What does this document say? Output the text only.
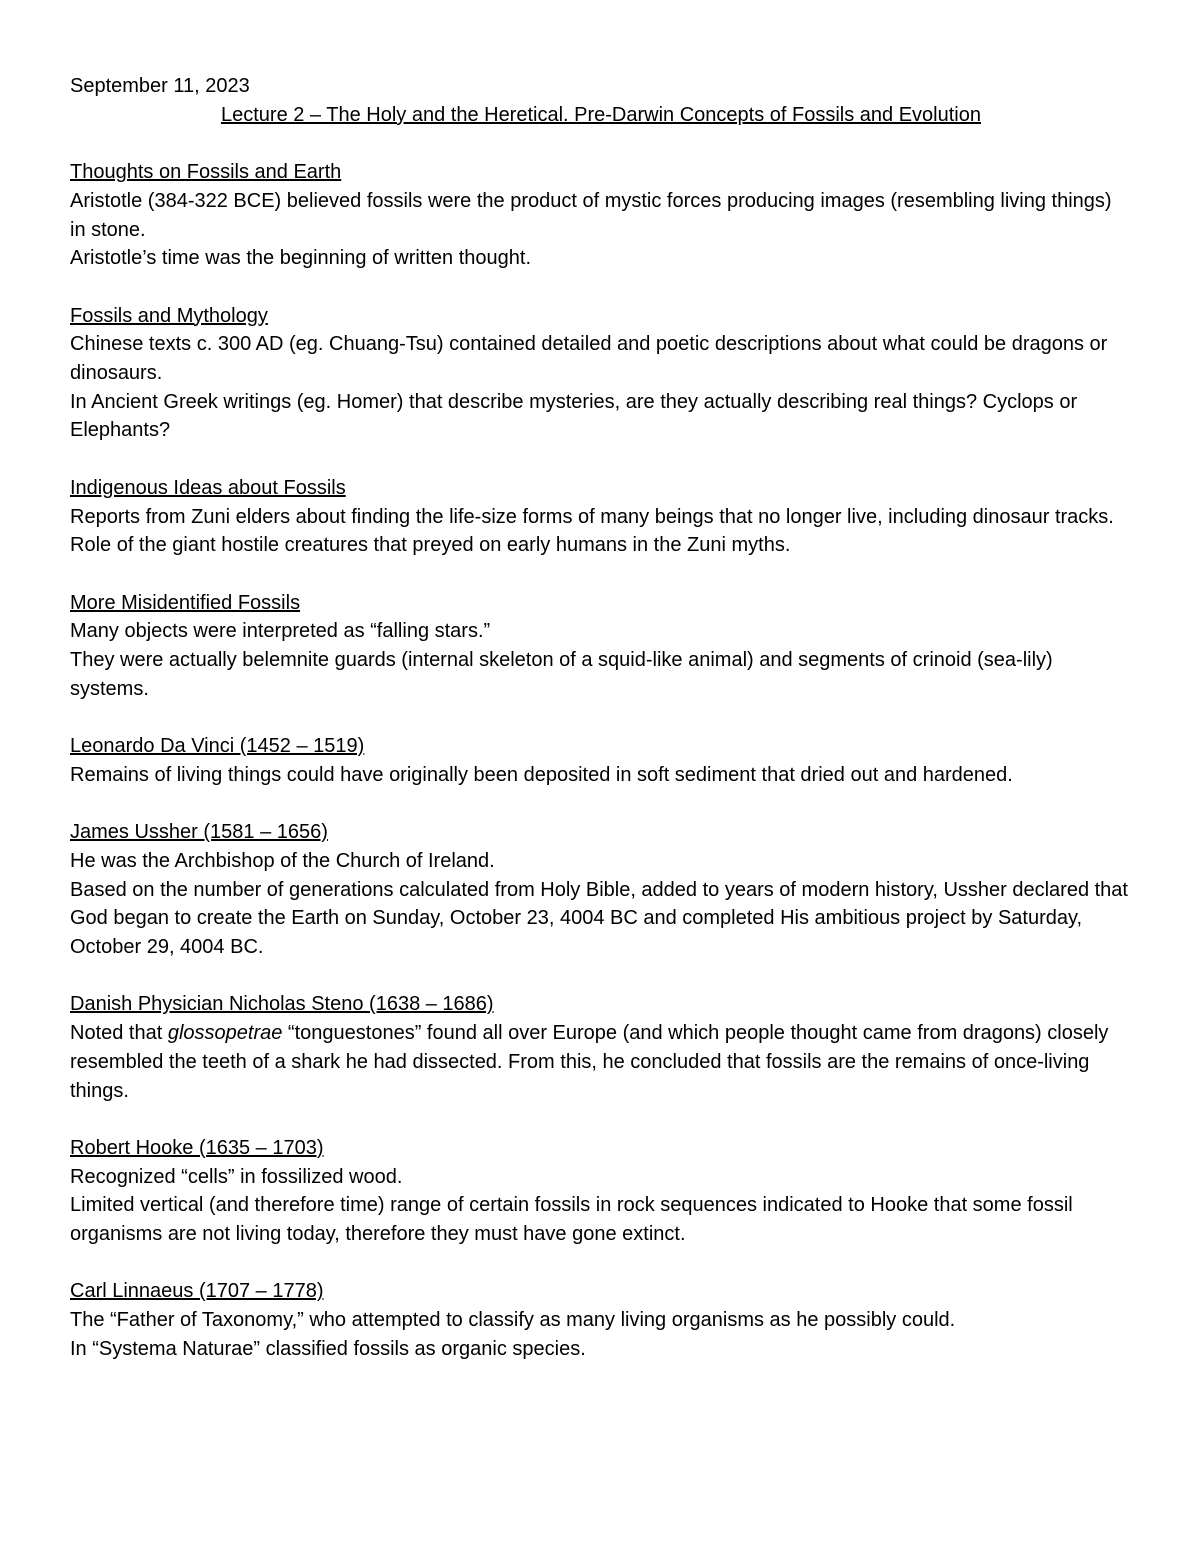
September 11, 2023

Lecture 2 – The Holy and the Heretical. Pre-Darwin Concepts of Fossils and Evolution
Thoughts on Fossils and Earth

Aristotle (384-322 BCE) believed fossils were the product of mystic forces producing images (resembling living things) in stone.

Aristotle’s time was the beginning of written thought.

Fossils and Mythology

Chinese texts c. 300 AD (eg. Chuang-Tsu) contained detailed and poetic descriptions about what could be dragons or dinosaurs.

In Ancient Greek writings (eg. Homer) that describe mysteries, are they actually describing real things? Cyclops or Elephants?

Indigenous Ideas about Fossils

Reports from Zuni elders about finding the life-size forms of many beings that no longer live, including dinosaur tracks.

Role of the giant hostile creatures that preyed on early humans in the Zuni myths.

More Misidentified Fossils

Many objects were interpreted as “falling stars.”

They were actually belemnite guards (internal skeleton of a squid-like animal) and segments of crinoid (sea-lily) systems.

Leonardo Da Vinci (1452 – 1519)

Remains of living things could have originally been deposited in soft sediment that dried out and hardened.

James Ussher (1581 – 1656)

He was the Archbishop of the Church of Ireland.

Based on the number of generations calculated from Holy Bible, added to years of modern history, Ussher declared that God began to create the Earth on Sunday, October 23, 4004 BC and completed His ambitious project by Saturday, October 29, 4004 BC.

Danish Physician Nicholas Steno (1638 – 1686)

Noted that glossopetrae “tonguestones” found all over Europe (and which people thought came from dragons) closely resembled the teeth of a shark he had dissected. From this, he concluded that fossils are the remains of once-living things.

Robert Hooke (1635 – 1703)

Recognized “cells” in fossilized wood.

Limited vertical (and therefore time) range of certain fossils in rock sequences indicated to Hooke that some fossil organisms are not living today, therefore they must have gone extinct.

Carl Linnaeus (1707 – 1778)

The “Father of Taxonomy,” who attempted to classify as many living organisms as he possibly could.

In “Systema Naturae” classified fossils as organic species.
